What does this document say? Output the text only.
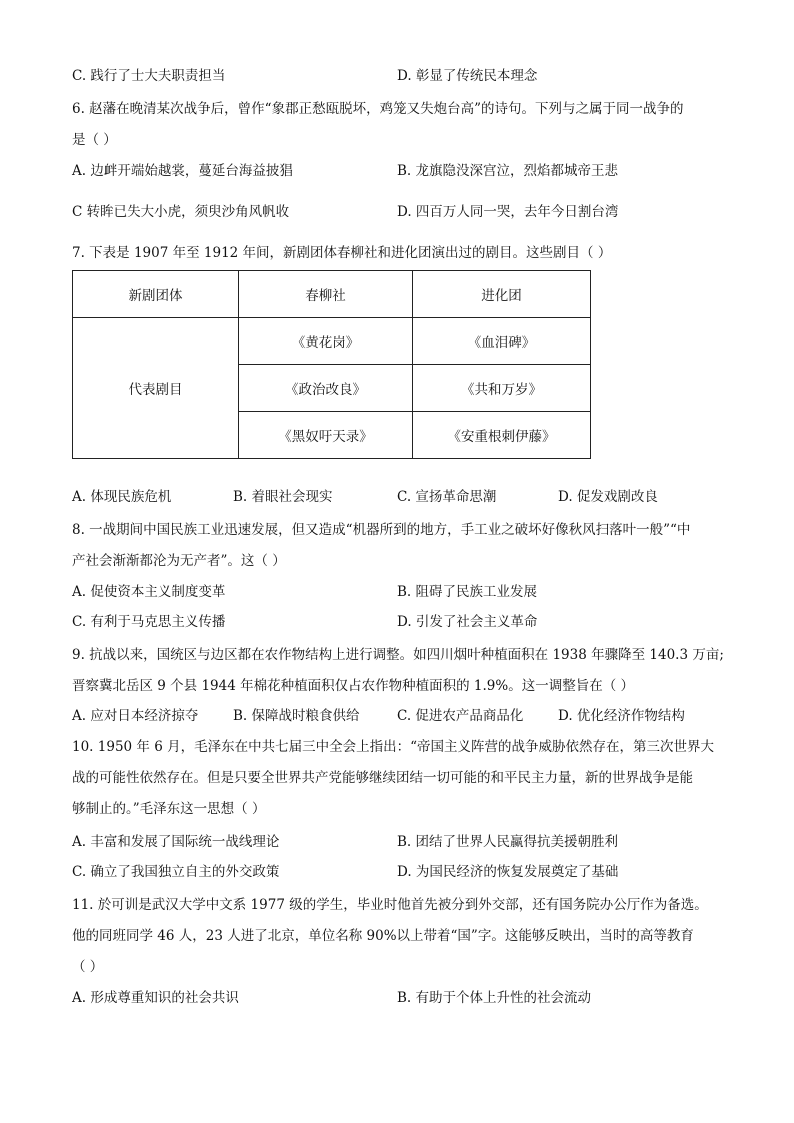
C. 践行了士大夫职责担当	D. 彰显了传统民本理念
6. 赵藩在晚清某次战争后，曾作“象郡正愁瓯脱坏，鸡笼又失炮台高”的诗句。下列与之属于同一战争的
是（ ）
A. 边衅开端始越裳，蔓延台海益披猖	B. 龙旗隐没深宫泣，烈焰都城帝王悲
C 转眸已失大小虎，须臾沙角风帆收	D. 四百万人同一哭，去年今日割台湾
7. 下表是 1907 年至 1912 年间，新剧团体春柳社和进化团演出过的剧目。这些剧目（ ）
新剧团体	春柳社	进化团
代表剧目	《黄花岗》	《血泪碑》
	《政治改良》	《共和万岁》
	《黑奴吁天录》	《安重根刺伊藤》
A. 体现民族危机	B. 着眼社会现实	C. 宣扬革命思潮	D. 促发戏剧改良
8. 一战期间中国民族工业迅速发展，但又造成“机器所到的地方，手工业之破坏好像秋风扫落叶一般”“中
产社会渐渐都沦为无产者”。这（ ）
A. 促使资本主义制度变革	B. 阻碍了民族工业发展
C. 有利于马克思主义传播	D. 引发了社会主义革命
9. 抗战以来，国统区与边区都在农作物结构上进行调整。如四川烟叶种植面积在 1938 年骤降至 140.3 万亩;
晋察冀北岳区 9 个县 1944 年棉花种植面积仅占农作物种植面积的 1.9%。这一调整旨在（ ）
A. 应对日本经济掠夺	B. 保障战时粮食供给	C. 促进农产品商品化	D. 优化经济作物结构
10. 1950 年 6 月，毛泽东在中共七届三中全会上指出：“帝国主义阵营的战争威胁依然存在，第三次世界大
战的可能性依然存在。但是只要全世界共产党能够继续团结一切可能的和平民主力量，新的世界战争是能
够制止的。”毛泽东这一思想（ ）
A. 丰富和发展了国际统一战线理论	B. 团结了世界人民赢得抗美援朝胜利
C. 确立了我国独立自主的外交政策	D. 为国民经济的恢复发展奠定了基础
11. 於可训是武汉大学中文系 1977 级的学生，毕业时他首先被分到外交部，还有国务院办公厅作为备选。
他的同班同学 46 人，23 人进了北京，单位名称 90%以上带着“国”字。这能够反映出，当时的高等教育
（ ）
A. 形成尊重知识的社会共识	B. 有助于个体上升性的社会流动
